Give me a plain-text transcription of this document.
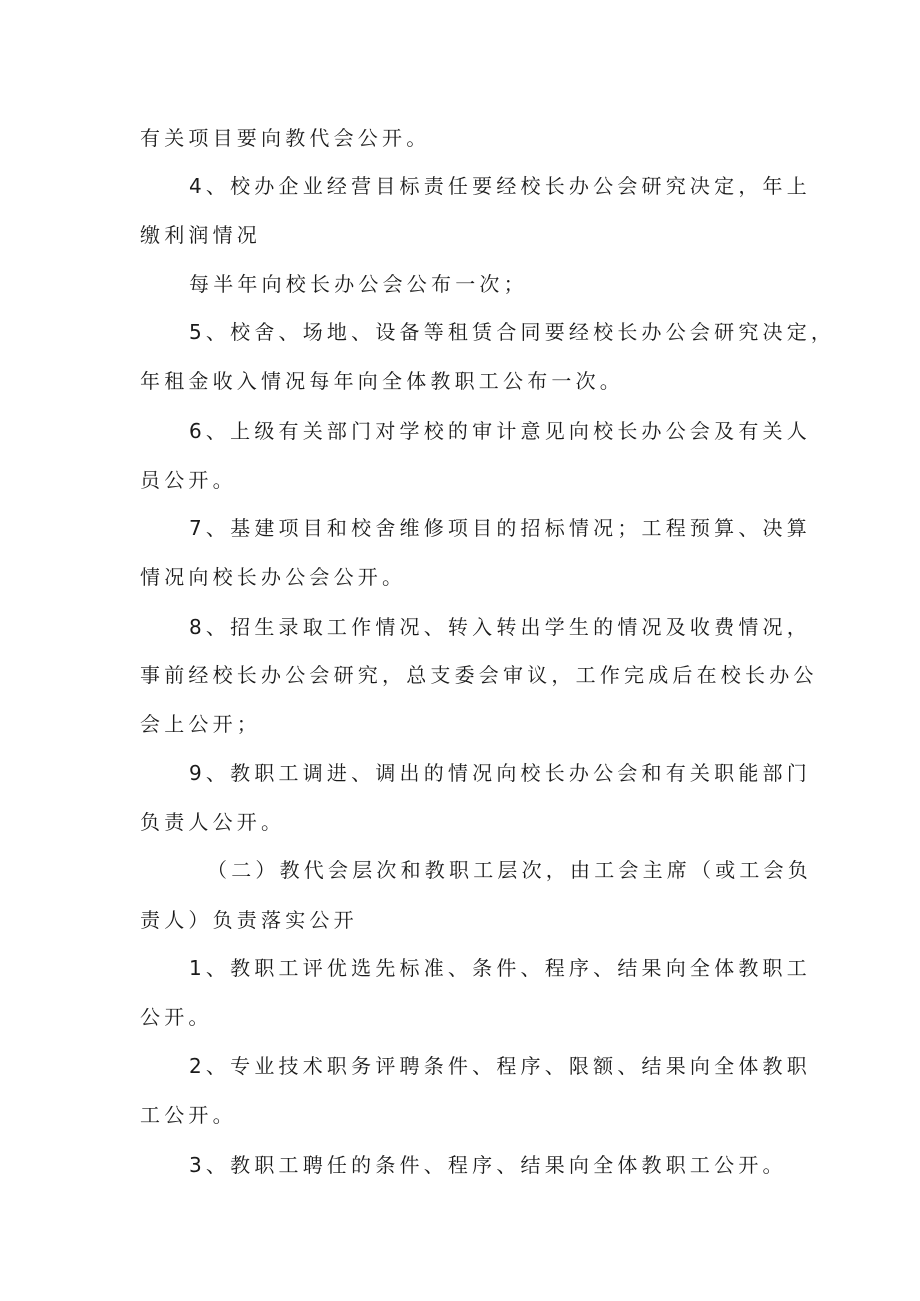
有关项目要向教代会公开。
4、校办企业经营目标责任要经校长办公会研究决定，年上
缴利润情况
每半年向校长办公会公布一次；
5、校舍、场地、设备等租赁合同要经校长办公会研究决定，
年租金收入情况每年向全体教职工公布一次。
6、上级有关部门对学校的审计意见向校长办公会及有关人
员公开。
7、基建项目和校舍维修项目的招标情况；工程预算、决算
情况向校长办公会公开。
8、招生录取工作情况、转入转出学生的情况及收费情况，
事前经校长办公会研究，总支委会审议，工作完成后在校长办公
会上公开；
9、教职工调进、调出的情况向校长办公会和有关职能部门
负责人公开。
（二）教代会层次和教职工层次，由工会主席（或工会负
责人）负责落实公开
1、教职工评优选先标准、条件、程序、结果向全体教职工
公开。
2、专业技术职务评聘条件、程序、限额、结果向全体教职
工公开。
3、教职工聘任的条件、程序、结果向全体教职工公开。
